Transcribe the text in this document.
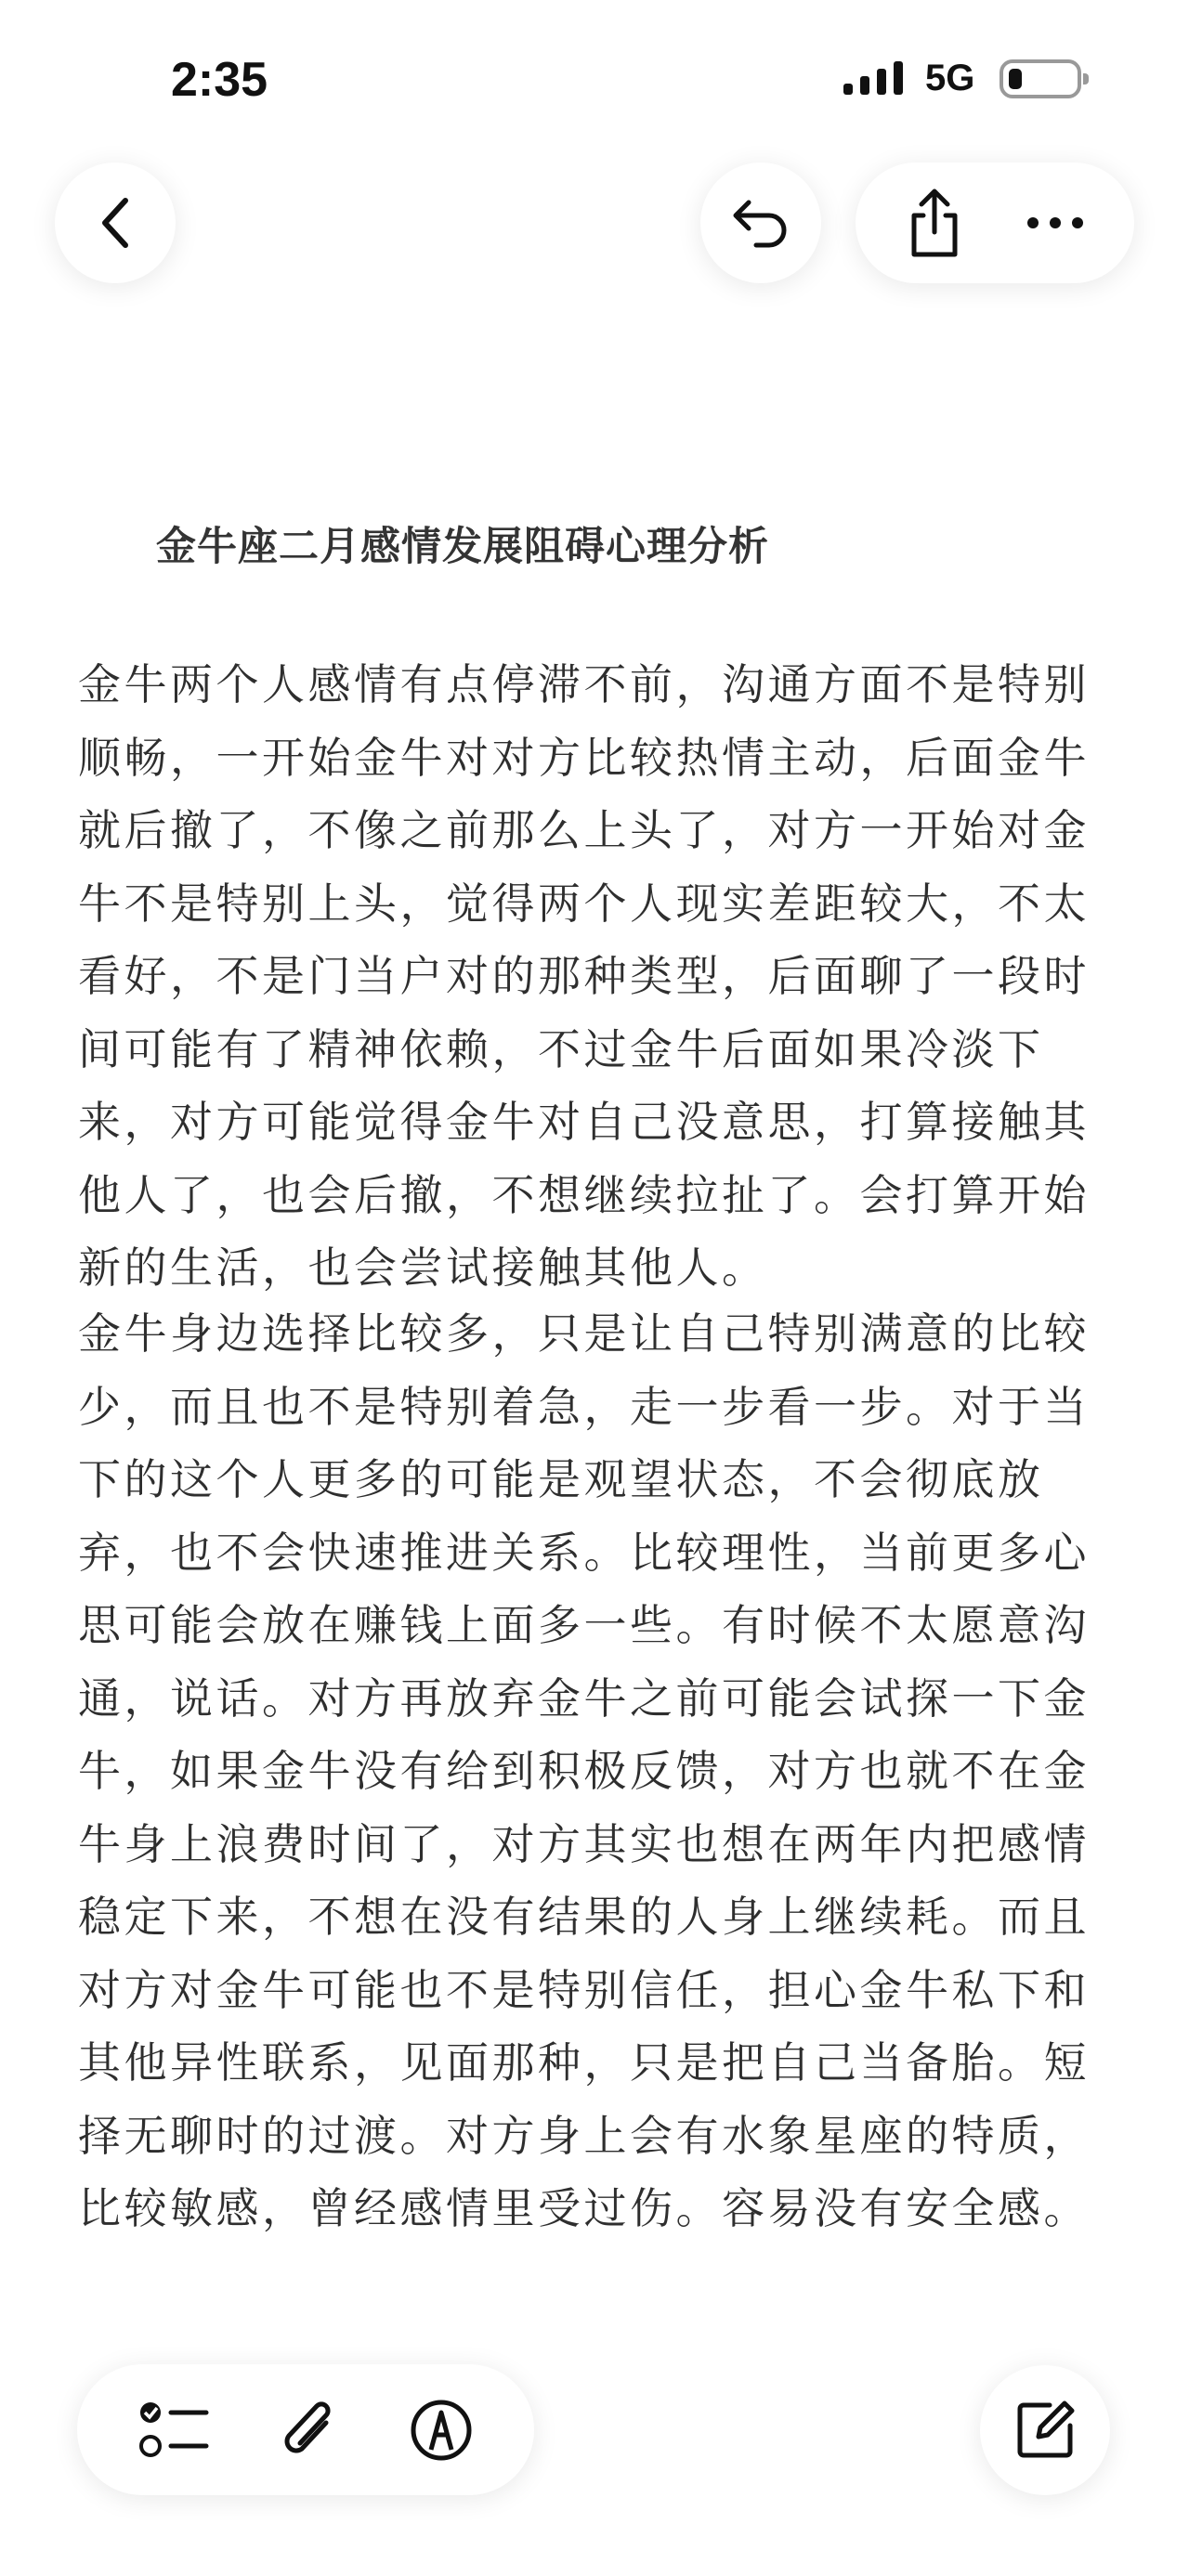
2:35	5G
金牛座二月感情发展阻碍心理分析
金牛两个人感情有点停滞不前，沟通方面不是特别
顺畅，一开始金牛对对方比较热情主动，后面金牛
就后撤了，不像之前那么上头了，对方一开始对金
牛不是特别上头，觉得两个人现实差距较大，不太
看好，不是门当户对的那种类型，后面聊了一段时
间可能有了精神依赖，不过金牛后面如果冷淡下
来，对方可能觉得金牛对自己没意思，打算接触其
他人了，也会后撤，不想继续拉扯了。会打算开始
新的生活，也会尝试接触其他人。
金牛身边选择比较多，只是让自己特别满意的比较
少，而且也不是特别着急，走一步看一步。对于当
下的这个人更多的可能是观望状态，不会彻底放
弃，也不会快速推进关系。比较理性，当前更多心
思可能会放在赚钱上面多一些。有时候不太愿意沟
通，说话。对方再放弃金牛之前可能会试探一下金
牛，如果金牛没有给到积极反馈，对方也就不在金
牛身上浪费时间了，对方其实也想在两年内把感情
稳定下来，不想在没有结果的人身上继续耗。而且
对方对金牛可能也不是特别信任，担心金牛私下和
其他异性联系，见面那种，只是把自己当备胎。短
择无聊时的过渡。对方身上会有水象星座的特质，
比较敏感，曾经感情里受过伤。容易没有安全感。
